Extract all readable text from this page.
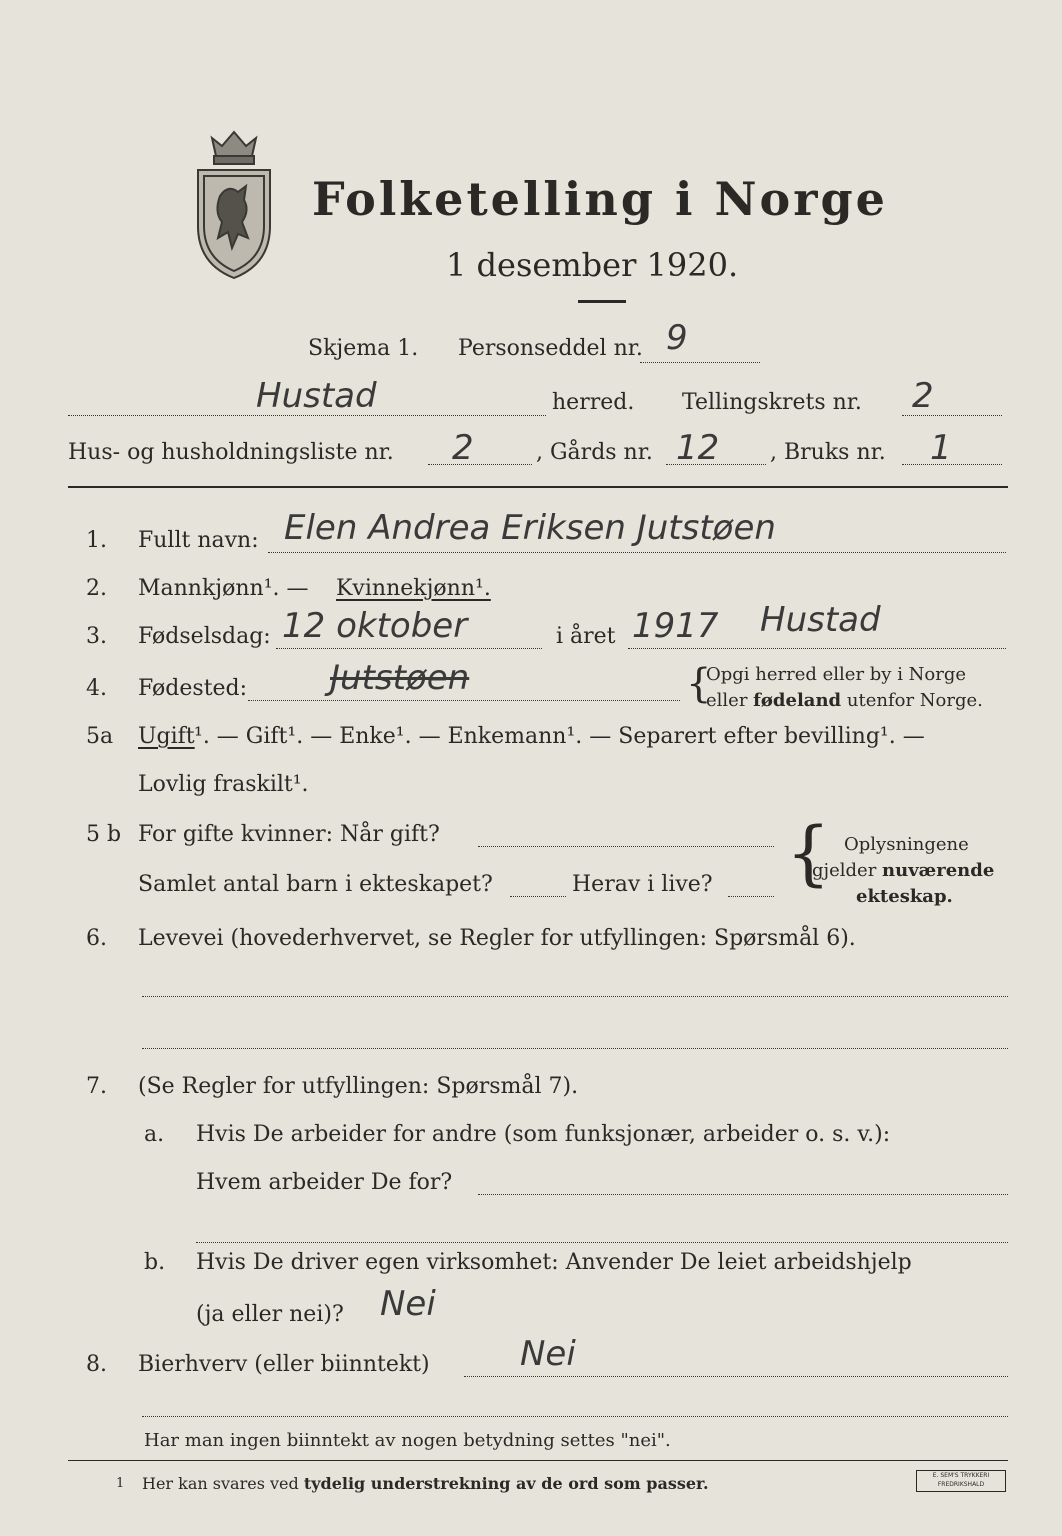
Folketelling i Norge
1 desember 1920.
Skjema 1. Personseddel nr. 9
Hustad	herred. Tellingskrets nr. 2
Hus- og husholdningsliste nr. 2	, Gårds nr. 12 , Bruks nr. 1
1. Fullt navn: Elen Andrea Eriksen Jutstøen
2. Mannkjønn¹. — Kvinnekjønn¹.
3. Fødselsdag: 12 oktober	i året 1917 Hustad
4. Fødested: Jutstøen	{
Opgi herred eller by i Norge
eller fødeland utenfor Norge.
5a Ugift ¹. — Gift¹. — Enke¹. — Enkemann¹. — Separert efter bevilling¹. —
Lovlig fraskilt¹.
5 b For gifte kvinner: Når gift?
Samlet antal barn i ekteskapet?	Herav i live? { Oplysningene
gjelder nuværende
ekteskap.
6. Levevei (hovederhvervet, se Regler for utfyllingen: Spørsmål 6).
7. (Se Regler for utfyllingen: Spørsmål 7).
a. Hvis De arbeider for andre (som funksjonær, arbeider o. s. v.):
Hvem arbeider De for?
b. Hvis De driver egen virksomhet: Anvender De leiet arbeidshjelp
(ja eller nei)? Nei
8. Bierhverv (eller biinntekt)	Nei
Har man ingen biinntekt av nogen betydning settes "nei".
1 Her kan svares ved tydelig understrekning av de ord som passer.	E. SEM'S TRYKKERI
FREDRIKSHALD
